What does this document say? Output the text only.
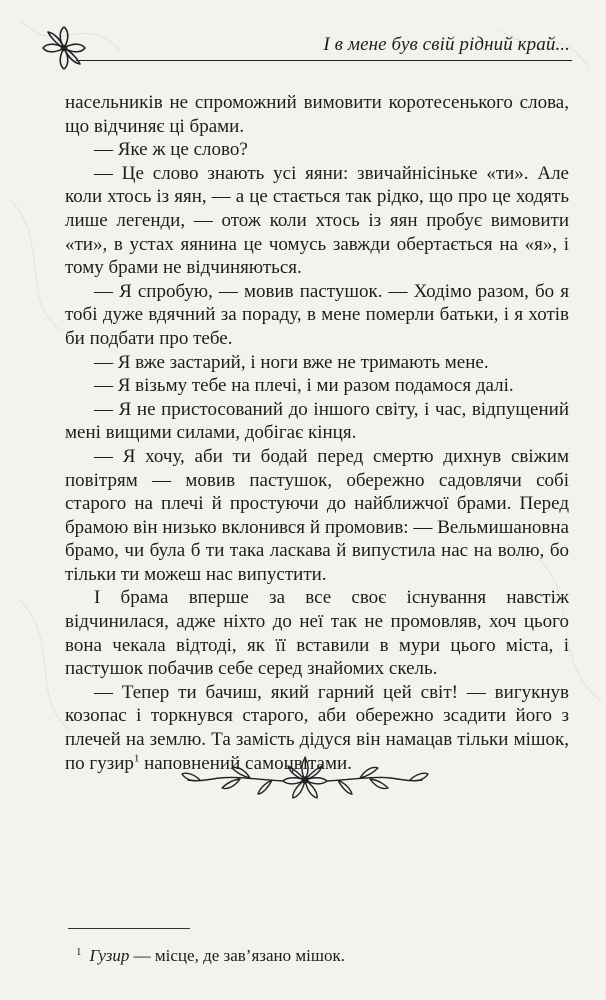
І в мене був свій рідний край...

насельників не спроможний вимовити коротесенького слова, що відчиняє ці брами.

— Яке ж це слово?

— Це слово знають усі яяни: звичайнісінькe «ти». Але коли хтось із яян, — а це стається так рідко, що про це ходять лише легенди, — отож коли хтось із яян пробує вимовити «ти», в устах яянина це чомусь завжди обертається на «я», і тому брами не відчиняються.

— Я спробую, — мовив пастушок. — Ходімо разом, бо я тобі дуже вдячний за пораду, в мене померли батьки, і я хотів би подбати про тебе.

— Я вже застарий, і ноги вже не тримають мене.

— Я візьму тебе на плечі, і ми разом подамося далі.

— Я не пристосований до іншого світу, і час, відпущений мені вищими силами, добігає кінця.

— Я хочу, аби ти бодай перед смертю дихнув свіжим повітрям — мовив пастушок, обережно садовлячи собі старого на плечі й простуючи до найближчої брами. Перед брамою він низько вклонився й промовив: — Вельмишановна брамо, чи була б ти така ласкава й випустила нас на волю, бо тільки ти можеш нас випустити.

І брама вперше за все своє існування навстіж відчинилася, адже ніхто до неї так не промовляв, хоч цього вона чекала відтоді, як її вставили в мури цього міста, і пастушок побачив себе серед знайомих скель.

— Тепер ти бачиш, який гарний цей світ! — вигукнув козопас і торкнувся старого, аби обережно зсадити його з плечей на землю. Та замість дідуся він намацав тільки мішок, по гузир$^1$ наповнений самоцвітами.

$^1$ Гузир — місце, де зав’язано мішок.
